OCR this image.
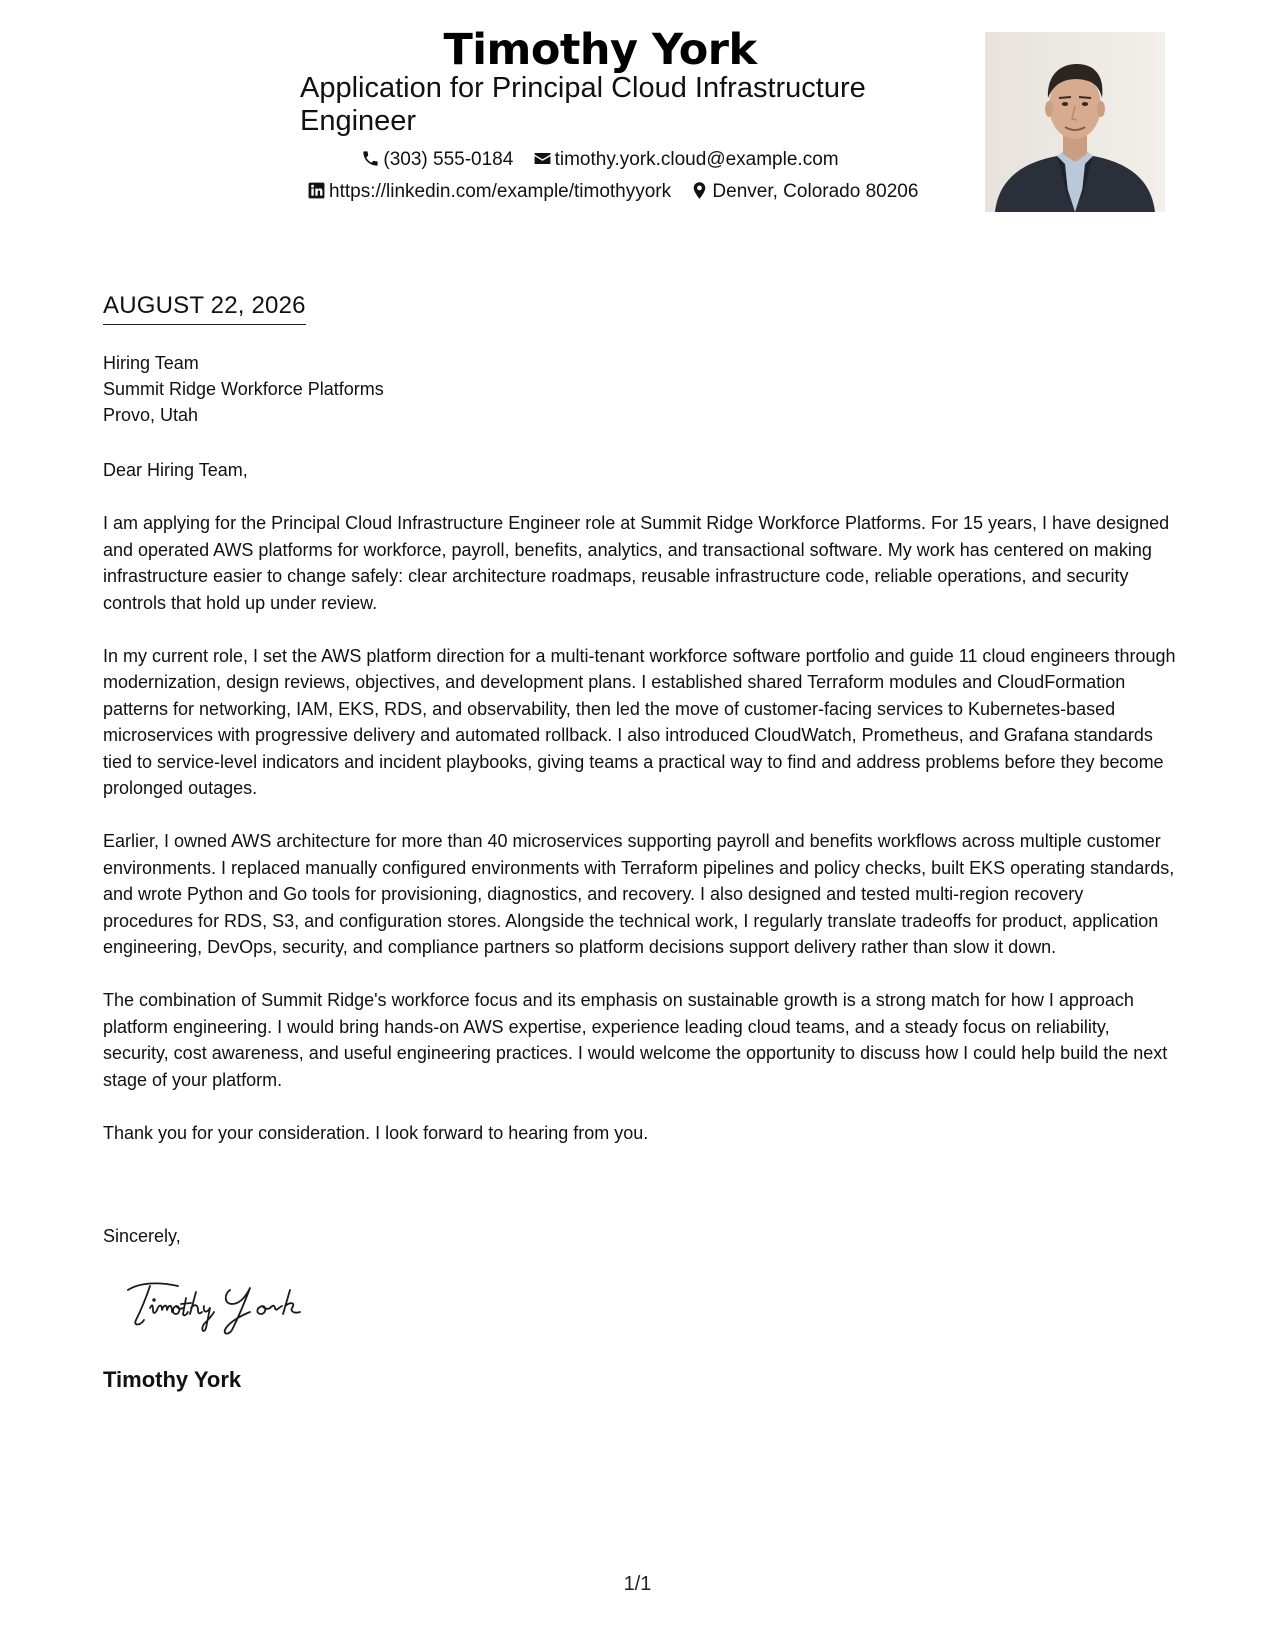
Timothy York
Application for Principal Cloud Infrastructure Engineer
(303) 555-0184 timothy.york.cloud@example.com
https://linkedin.com/example/timothyyork Denver, Colorado 80206
AUGUST 22, 2026
Hiring Team
Summit Ridge Workforce Platforms
Provo, Utah

Dear Hiring Team,

I am applying for the Principal Cloud Infrastructure Engineer role at Summit Ridge Workforce Platforms. For 15 years, I have designed and operated AWS platforms for workforce, payroll, benefits, analytics, and transactional software. My work has centered on making infrastructure easier to change safely: clear architecture roadmaps, reusable infrastructure code, reliable operations, and security controls that hold up under review.

In my current role, I set the AWS platform direction for a multi-tenant workforce software portfolio and guide 11 cloud engineers through modernization, design reviews, objectives, and development plans. I established shared Terraform modules and CloudFormation patterns for networking, IAM, EKS, RDS, and observability, then led the move of customer-facing services to Kubernetes-based microservices with progressive delivery and automated rollback. I also introduced CloudWatch, Prometheus, and Grafana standards tied to service-level indicators and incident playbooks, giving teams a practical way to find and address problems before they become prolonged outages.

Earlier, I owned AWS architecture for more than 40 microservices supporting payroll and benefits workflows across multiple customer environments. I replaced manually configured environments with Terraform pipelines and policy checks, built EKS operating standards, and wrote Python and Go tools for provisioning, diagnostics, and recovery. I also designed and tested multi-region recovery procedures for RDS, S3, and configuration stores. Alongside the technical work, I regularly translate tradeoffs for product, application engineering, DevOps, security, and compliance partners so platform decisions support delivery rather than slow it down.

The combination of Summit Ridge's workforce focus and its emphasis on sustainable growth is a strong match for how I approach platform engineering. I would bring hands-on AWS expertise, experience leading cloud teams, and a steady focus on reliability, security, cost awareness, and useful engineering practices. I would welcome the opportunity to discuss how I could help build the next stage of your platform.

Thank you for your consideration. I look forward to hearing from you.

Sincerely,
Timothy York
1/1
